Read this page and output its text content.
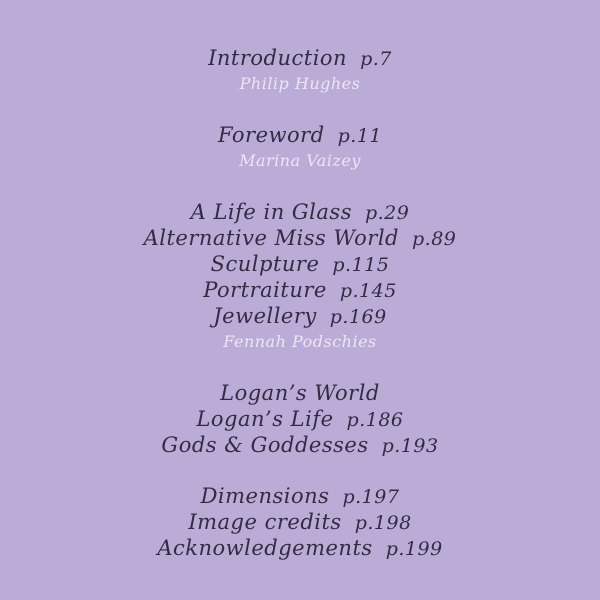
Introduction p.7
Philip Hughes
Foreword p.11
Marina Vaizey
A Life in Glass p.29
Alternative Miss World p.89
Sculpture p.115
Portraiture p.145
Jewellery p.169
Fennah Podschies
Logan’s World
Logan’s Life p.186
Gods & Goddesses p.193
Dimensions p.197
Image credits p.198
Acknowledgements p.199
